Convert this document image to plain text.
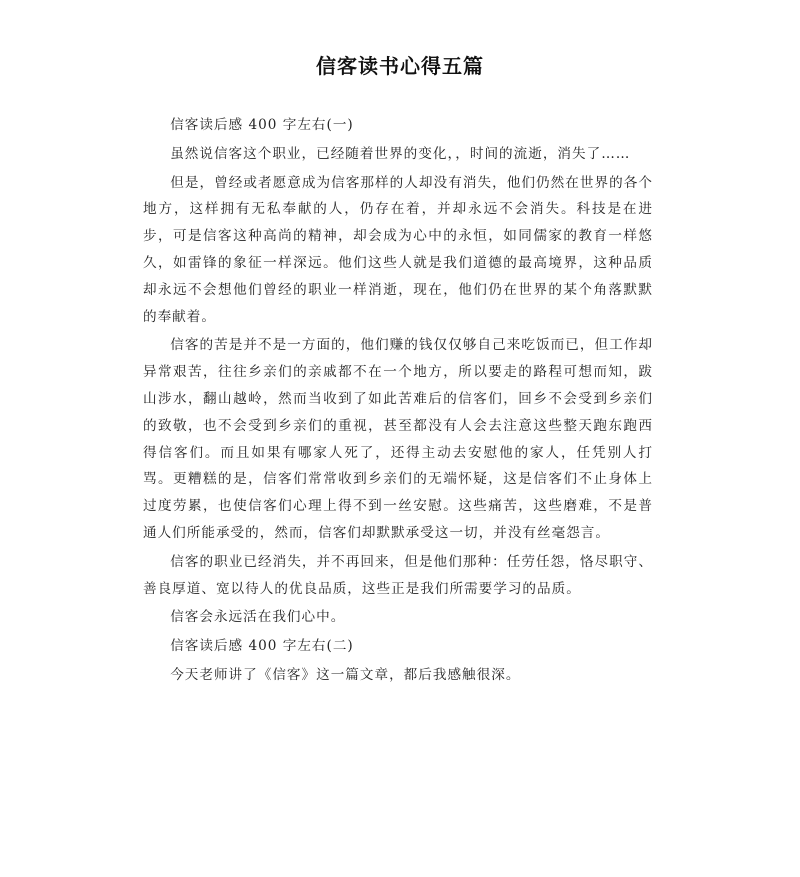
信客读书心得五篇

信客读后感 400 字左右(一)

虽然说信客这个职业，已经随着世界的变化，，时间的流逝，消失了……

但是，曾经或者愿意成为信客那样的人却没有消失，他们仍然在世界的各个地方，这样拥有无私奉献的人，仍存在着，并却永远不会消失。科技是在进步，可是信客这种高尚的精神，却会成为心中的永恒，如同儒家的教育一样悠久，如雷锋的象征一样深远。他们这些人就是我们道德的最高境界，这种品质却永远不会想他们曾经的职业一样消逝，现在，他们仍在世界的某个角落默默的奉献着。

信客的苦是并不是一方面的，他们赚的钱仅仅够自己来吃饭而已，但工作却异常艰苦，往往乡亲们的亲戚都不在一个地方，所以要走的路程可想而知，跋山涉水，翻山越岭，然而当收到了如此苦难后的信客们，回乡不会受到乡亲们的致敬，也不会受到乡亲们的重视，甚至都没有人会去注意这些整天跑东跑西得信客们。而且如果有哪家人死了，还得主动去安慰他的家人，任凭别人打骂。更糟糕的是，信客们常常收到乡亲们的无端怀疑，这是信客们不止身体上过度劳累，也使信客们心理上得不到一丝安慰。这些痛苦，这些磨难，不是普通人们所能承受的，然而，信客们却默默承受这一切，并没有丝毫怨言。

信客的职业已经消失，并不再回来，但是他们那种：任劳任怨，恪尽职守、善良厚道、宽以待人的优良品质，这些正是我们所需要学习的品质。

信客会永远活在我们心中。

信客读后感 400 字左右(二)

今天老师讲了《信客》这一篇文章，都后我感触很深。
